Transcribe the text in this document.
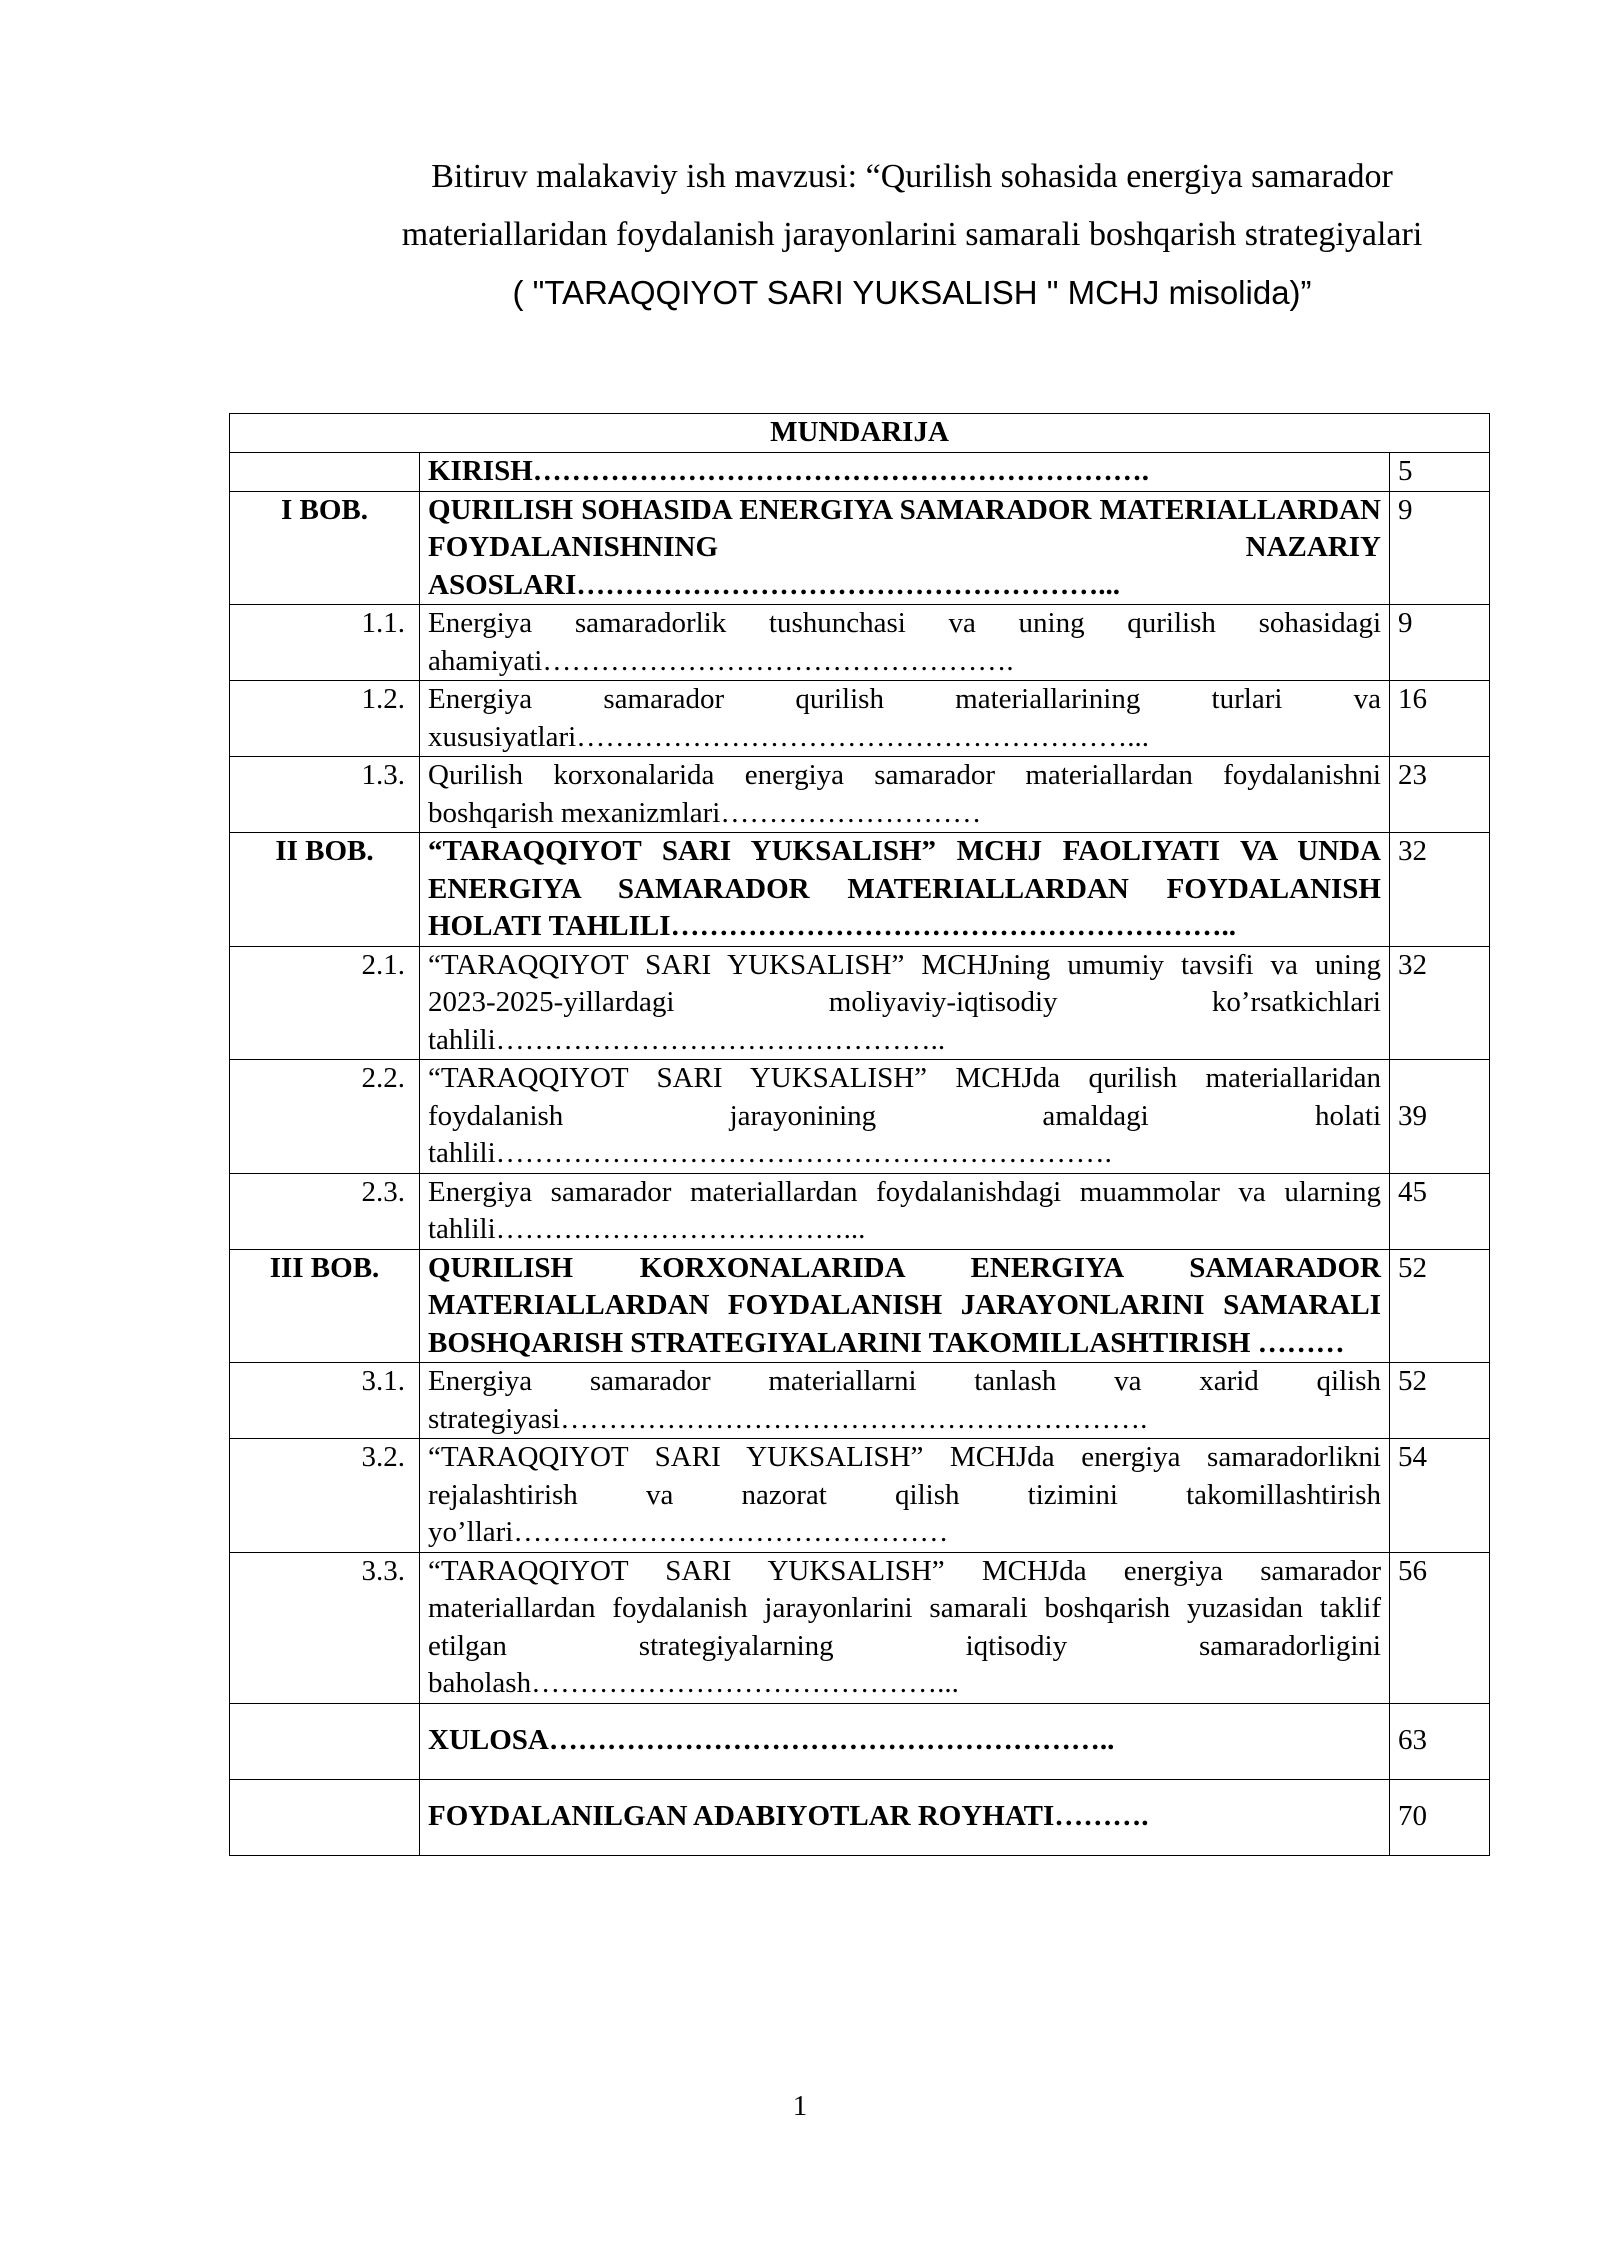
Bitiruv malakaviy ish mavzusi: “Qurilish sohasida energiya samarador
materiallaridan foydalanish jarayonlarini samarali boshqarish strategiyalari
( "TARAQQIYOT SARI YUKSALISH " MCHJ misolida)”
MUNDARIJA		
	KIRISH……………………………………………………….	5
I BOB.	QURILISH SOHASIDA ENERGIYA SAMARADOR MATERIALLARDAN FOYDALANISHNING NAZARIY ASOSLARI………………………………………………...	9
1.1.	Energiya samaradorlik tushunchasi va uning qurilish sohasidagi ahamiyati………………………………………….	9
1.2.	Energiya samarador qurilish materiallarining turlari va xususiyatlari…………………………………………………...	16
1.3.	Qurilish korxonalarida energiya samarador materiallardan foydalanishni boshqarish mexanizmlari………………………	23
II BOB.	“TARAQQIYOT SARI YUKSALISH” MCHJ FAOLIYATI VA UNDA ENERGIYA SAMARADOR MATERIALLARDAN FOYDALANISH HOLATI TAHLILI…………………………………………………..	32
2.1.	“TARAQQIYOT SARI YUKSALISH” MCHJning umumiy tavsifi va uning 2023-2025-yillardagi moliyaviy-iqtisodiy ko’rsatkichlari tahlili………………………………………..	32
2.2.	“TARAQQIYOT SARI YUKSALISH” MCHJda qurilish materiallaridan foydalanish jarayonining amaldagi holati tahlili……………………………………………………….	39
2.3.	Energiya samarador materiallardan foydalanishdagi muammolar va ularning tahlili………………………………...	45
III BOB.	QURILISH KORXONALARIDA ENERGIYA SAMARADOR MATERIALLARDAN FOYDALANISH JARAYONLARINI SAMARALI BOSHQARISH STRATEGIYALARINI TAKOMILLASHTIRISH ………	52
3.1.	Energiya samarador materiallarni tanlash va xarid qilish strategiyasi…………………………………………………….	52
3.2.	“TARAQQIYOT SARI YUKSALISH” MCHJda energiya samaradorlikni rejalashtirish va nazorat qilish tizimini takomillashtirish yo’llari………………………………………	54
3.3.	“TARAQQIYOT SARI YUKSALISH” MCHJda energiya samarador materiallardan foydalanish jarayonlarini samarali boshqarish yuzasidan taklif etilgan strategiyalarning iqtisodiy samaradorligini baholash……………………………………...	56
	XULOSA…………………………………………………..	63
	FOYDALANILGAN ADABIYOTLAR ROYHATI……….	70
1
